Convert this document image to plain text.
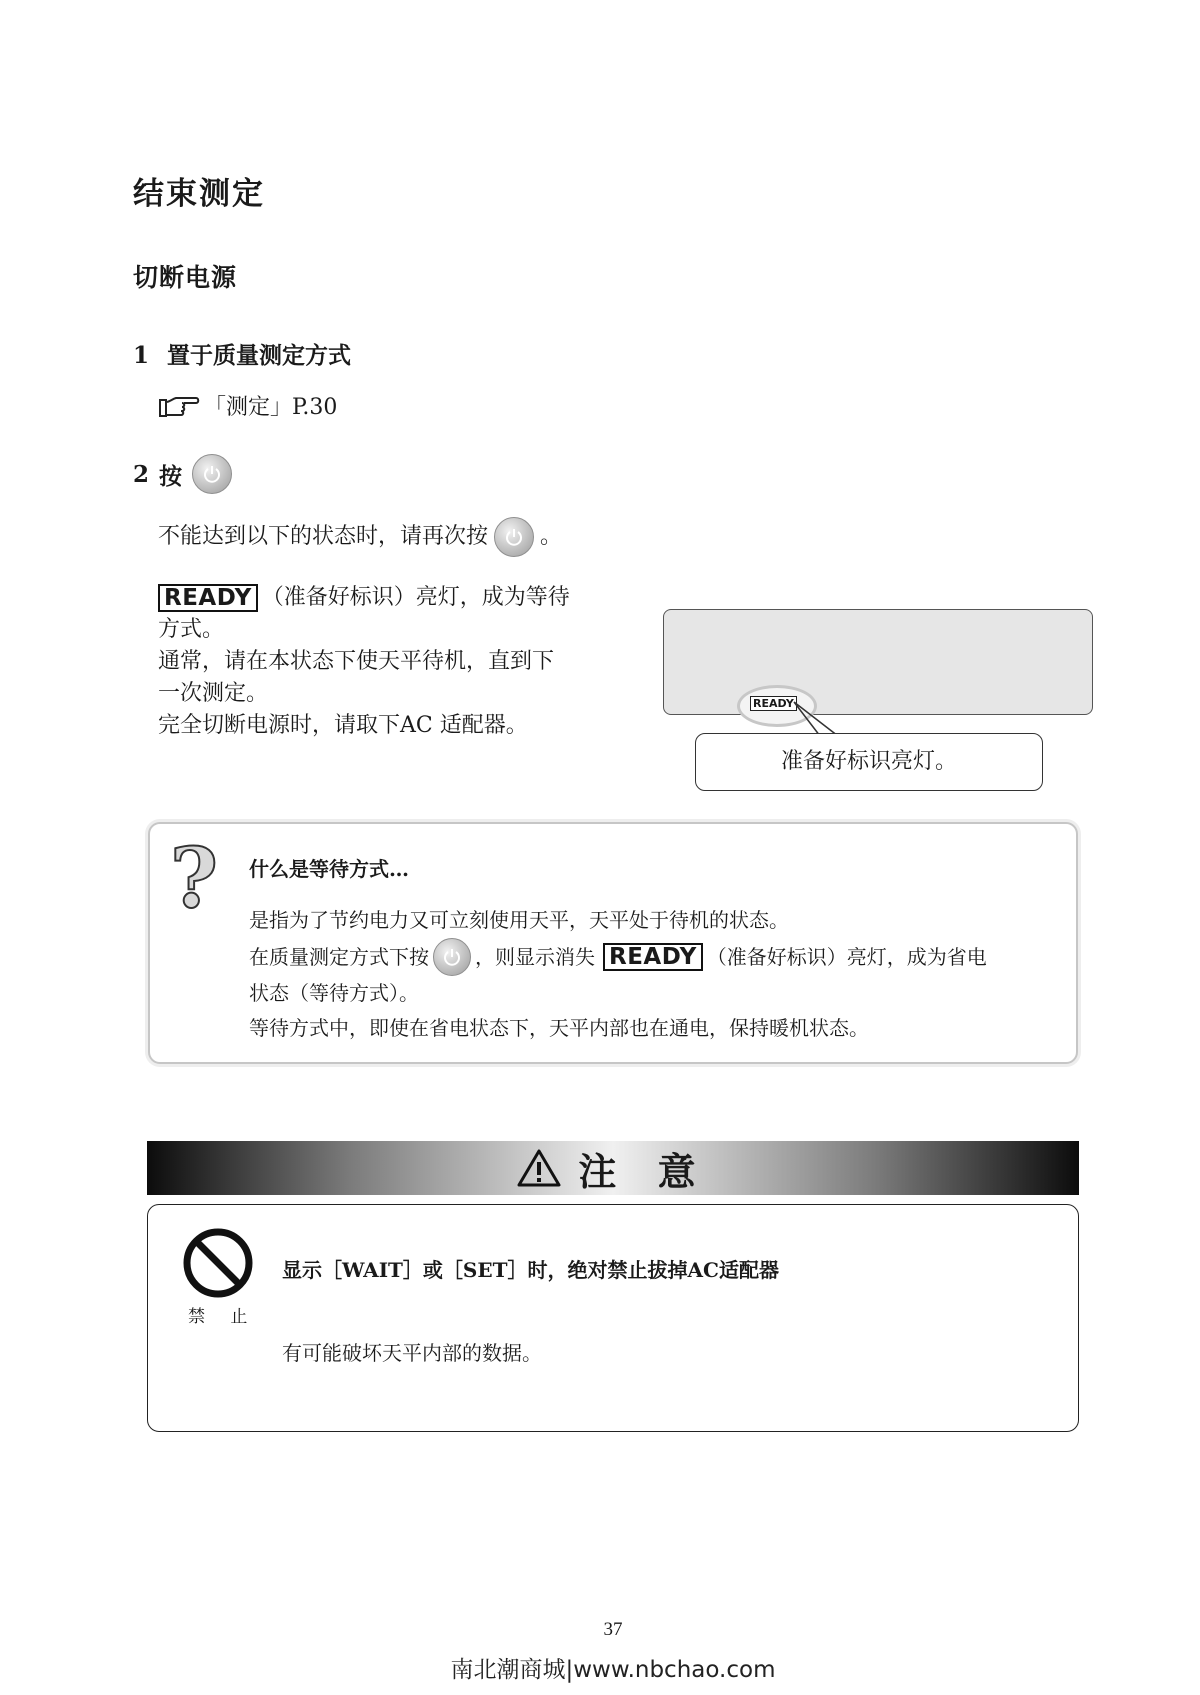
结束测定
切断电源
1 置于质量测定方式
「测定」P.30
2 按
不能达到以下的状态时，请再次按 。
READY （准备好标识）亮灯，成为等待
方式。
通常，请在本状态下使天平待机，直到下
一次测定。
完全切断电源时，请取下AC 适配器。
READY
准备好标识亮灯。
? 什么是等待方式…
是指为了节约电力又可立刻使用天平，天平处于待机的状态。
在质量测定方式下按 ，则显示消失 READY （准备好标识）亮灯，成为省电
状态（等待方式）。
等待方式中，即使在省电状态下，天平内部也在通电，保持暖机状态。
注 意
禁 止
显示［WAIT］或［SET］时，绝对禁止拔掉AC适配器
有可能破坏天平内部的数据。
37
南北潮商城|www.nbchao.com
